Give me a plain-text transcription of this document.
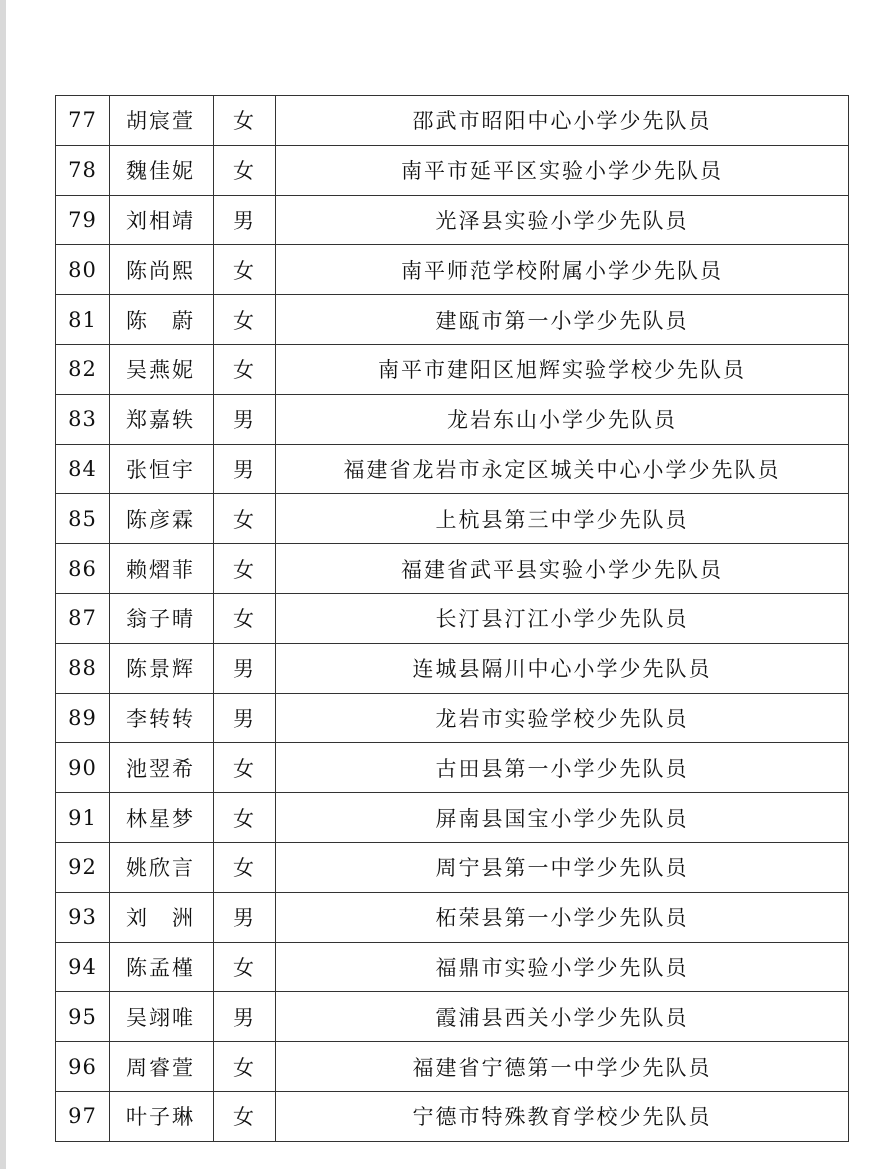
77	胡宸萱	女	邵武市昭阳中心小学少先队员
78	魏佳妮	女	南平市延平区实验小学少先队员
79	刘相靖	男	光泽县实验小学少先队员
80	陈尚熙	女	南平师范学校附属小学少先队员
81	陈 蔚	女	建瓯市第一小学少先队员
82	吴燕妮	女	南平市建阳区旭辉实验学校少先队员
83	郑嘉轶	男	龙岩东山小学少先队员
84	张恒宇	男	福建省龙岩市永定区城关中心小学少先队员
85	陈彦霖	女	上杭县第三中学少先队员
86	赖熠菲	女	福建省武平县实验小学少先队员
87	翁子晴	女	长汀县汀江小学少先队员
88	陈景辉	男	连城县隔川中心小学少先队员
89	李转转	男	龙岩市实验学校少先队员
90	池翌希	女	古田县第一小学少先队员
91	林星梦	女	屏南县国宝小学少先队员
92	姚欣言	女	周宁县第一中学少先队员
93	刘 洲	男	柘荣县第一小学少先队员
94	陈孟槿	女	福鼎市实验小学少先队员
95	吴翊唯	男	霞浦县西关小学少先队员
96	周睿萱	女	福建省宁德第一中学少先队员
97	叶子琳	女	宁德市特殊教育学校少先队员
